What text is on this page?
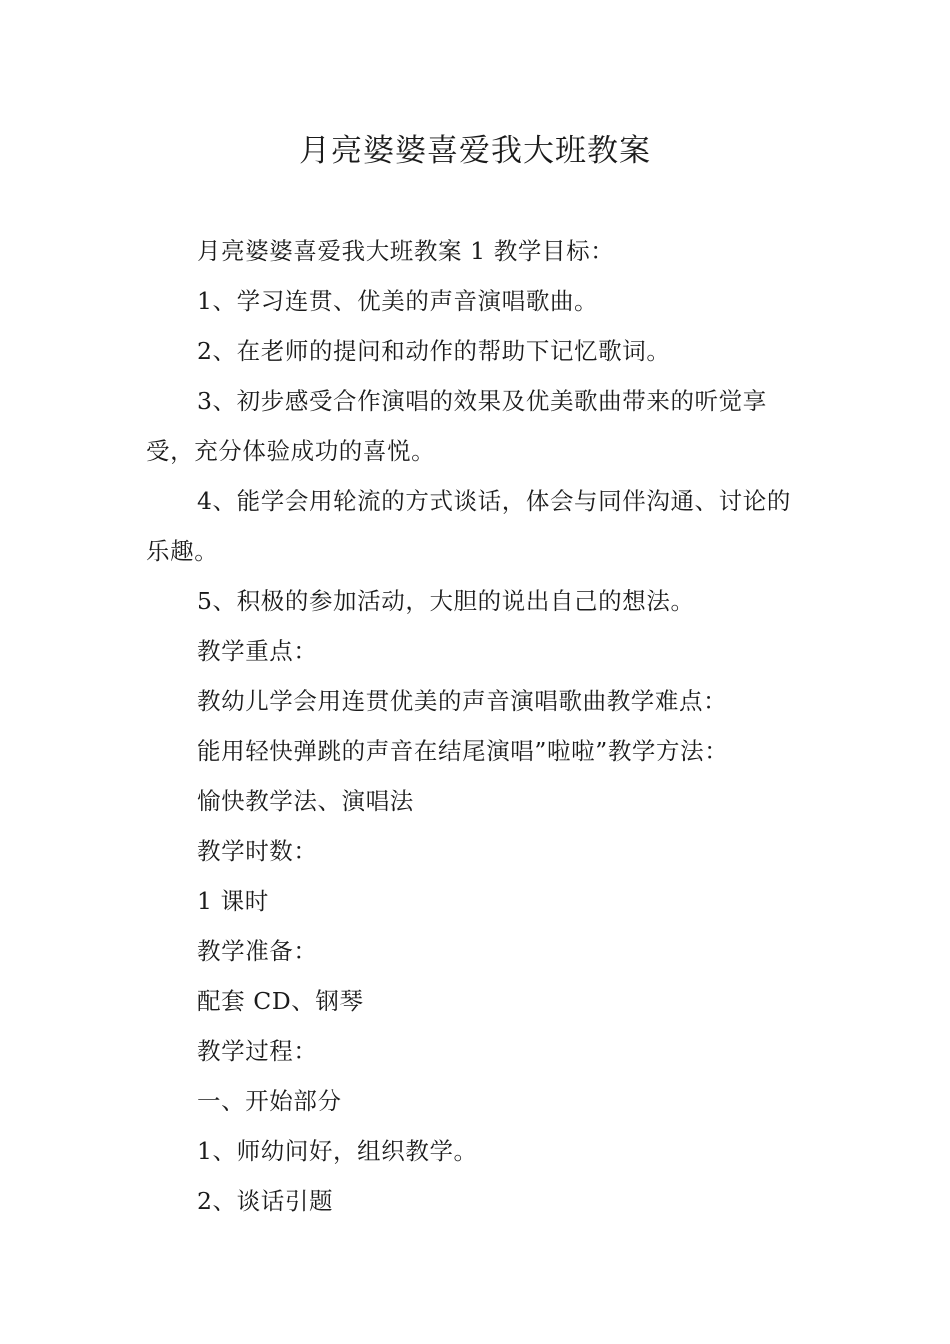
月亮婆婆喜爱我大班教案

月亮婆婆喜爱我大班教案 1 教学目标：

1、学习连贯、优美的声音演唱歌曲。

2、在老师的提问和动作的帮助下记忆歌词。

3、初步感受合作演唱的效果及优美歌曲带来的听觉享受，充分体验成功的喜悦。

4、能学会用轮流的方式谈话，体会与同伴沟通、讨论的乐趣。

5、积极的参加活动，大胆的说出自己的想法。

教学重点：

教幼儿学会用连贯优美的声音演唱歌曲教学难点：

能用轻快弹跳的声音在结尾演唱”啦啦”教学方法：

愉快教学法、演唱法

教学时数：

1 课时

教学准备：

配套 CD、钢琴

教学过程：

一、开始部分

1、师幼问好，组织教学。

2、谈话引题
